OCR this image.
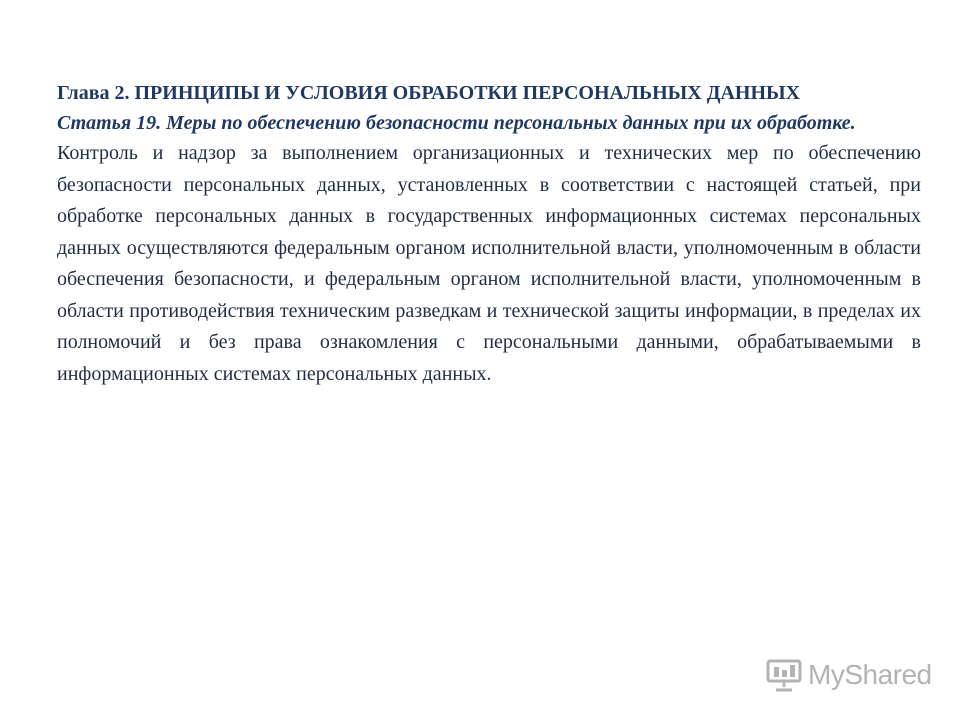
Глава 2. ПРИНЦИПЫ И УСЛОВИЯ ОБРАБОТКИ ПЕРСОНАЛЬНЫХ ДАННЫХ

Статья 19. Меры по обеспечению безопасности персональных данных при их обработке.

Контроль и надзор за выполнением организационных и технических мер по обеспечению безопасности персональных данных, установленных в соответствии с настоящей статьей, при обработке персональных данных в государственных информационных системах персональных данных осуществляются федеральным органом исполнительной власти, уполномоченным в области обеспечения безопасности, и федеральным органом исполнительной власти, уполномоченным в области противодействия техническим разведкам и технической защиты информации, в пределах их полномочий и без права ознакомления с персональными данными, обрабатываемыми в информационных системах персональных данных.

MyShared
